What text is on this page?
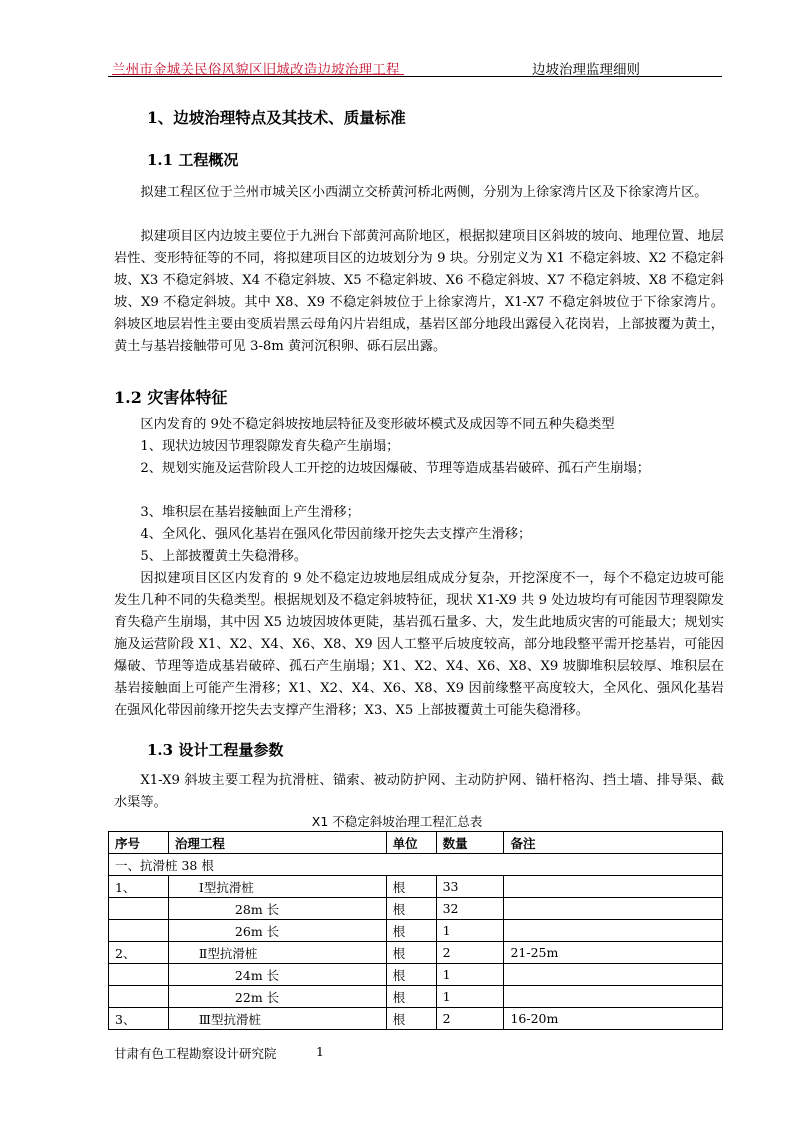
兰州市金城关民俗风貌区旧城改造边坡治理工程	边坡治理监理细则
1、边坡治理特点及其技术、质量标准
1.1 工程概况

拟建工程区位于兰州市城关区小西湖立交桥黄河桥北两侧，分别为上徐家湾片区及下徐家湾片区。

拟建项目区内边坡主要位于九洲台下部黄河高阶地区，根据拟建项目区斜坡的坡向、地理位置、地层岩性、变形特征等的不同，将拟建项目区的边坡划分为 9 块。分别定义为 X1 不稳定斜坡、X2 不稳定斜坡、X3 不稳定斜坡、X4 不稳定斜坡、X5 不稳定斜坡、X6 不稳定斜坡、X7 不稳定斜坡、X8 不稳定斜坡、X9 不稳定斜坡。其中 X8、X9 不稳定斜坡位于上徐家湾片，X1-X7 不稳定斜坡位于下徐家湾片。斜坡区地层岩性主要由变质岩黑云母角闪片岩组成，基岩区部分地段出露侵入花岗岩，上部披覆为黄土，黄土与基岩接触带可见 3-8m 黄河沉积卵、砾石层出露。

1.2 灾害体特征

区内发育的 9处不稳定斜坡按地层特征及变形破坏模式及成因等不同五种失稳类型

1、现状边坡因节理裂隙发育失稳产生崩塌；

2、规划实施及运营阶段人工开挖的边坡因爆破、节理等造成基岩破碎、孤石产生崩塌；

3、堆积层在基岩接触面上产生滑移；

4、全风化、强风化基岩在强风化带因前缘开挖失去支撑产生滑移；

5、上部披覆黄土失稳滑移。

因拟建项目区区内发育的 9 处不稳定边坡地层组成成分复杂，开挖深度不一，每个不稳定边坡可能发生几种不同的失稳类型。根据规划及不稳定斜坡特征，现状 X1-X9 共 9 处边坡均有可能因节理裂隙发育失稳产生崩塌，其中因 X5 边坡因坡体更陡，基岩孤石量多、大，发生此地质灾害的可能最大；规划实施及运营阶段 X1、X2、X4、X6、X8、X9 因人工整平后坡度较高，部分地段整平需开挖基岩，可能因爆破、节理等造成基岩破碎、孤石产生崩塌；X1、X2、X4、X6、X8、X9 坡脚堆积层较厚、堆积层在基岩接触面上可能产生滑移；X1、X2、X4、X6、X8、X9 因前缘整平高度较大，全风化、强风化基岩在强风化带因前缘开挖失去支撑产生滑移；X3、X5 上部披覆黄土可能失稳滑移。

1.3 设计工程量参数

X1-X9 斜坡主要工程为抗滑桩、锚索、被动防护网、主动防护网、锚杆格沟、挡土墙、排导渠、截水渠等。

X1 不稳定斜坡治理工程汇总表
序号	治理工程	单位	数量	备注
一、抗滑桩 38 根				
1、	Ⅰ型抗滑桩	根	33	
	28m 长	根	32	
	26m 长	根	1	
2、	Ⅱ型抗滑桩	根	2	21-25m
	24m 长	根	1	
	22m 长	根	1	
3、	Ⅲ型抗滑桩	根	2	16-20m
甘肃有色工程勘察设计研究院	1
